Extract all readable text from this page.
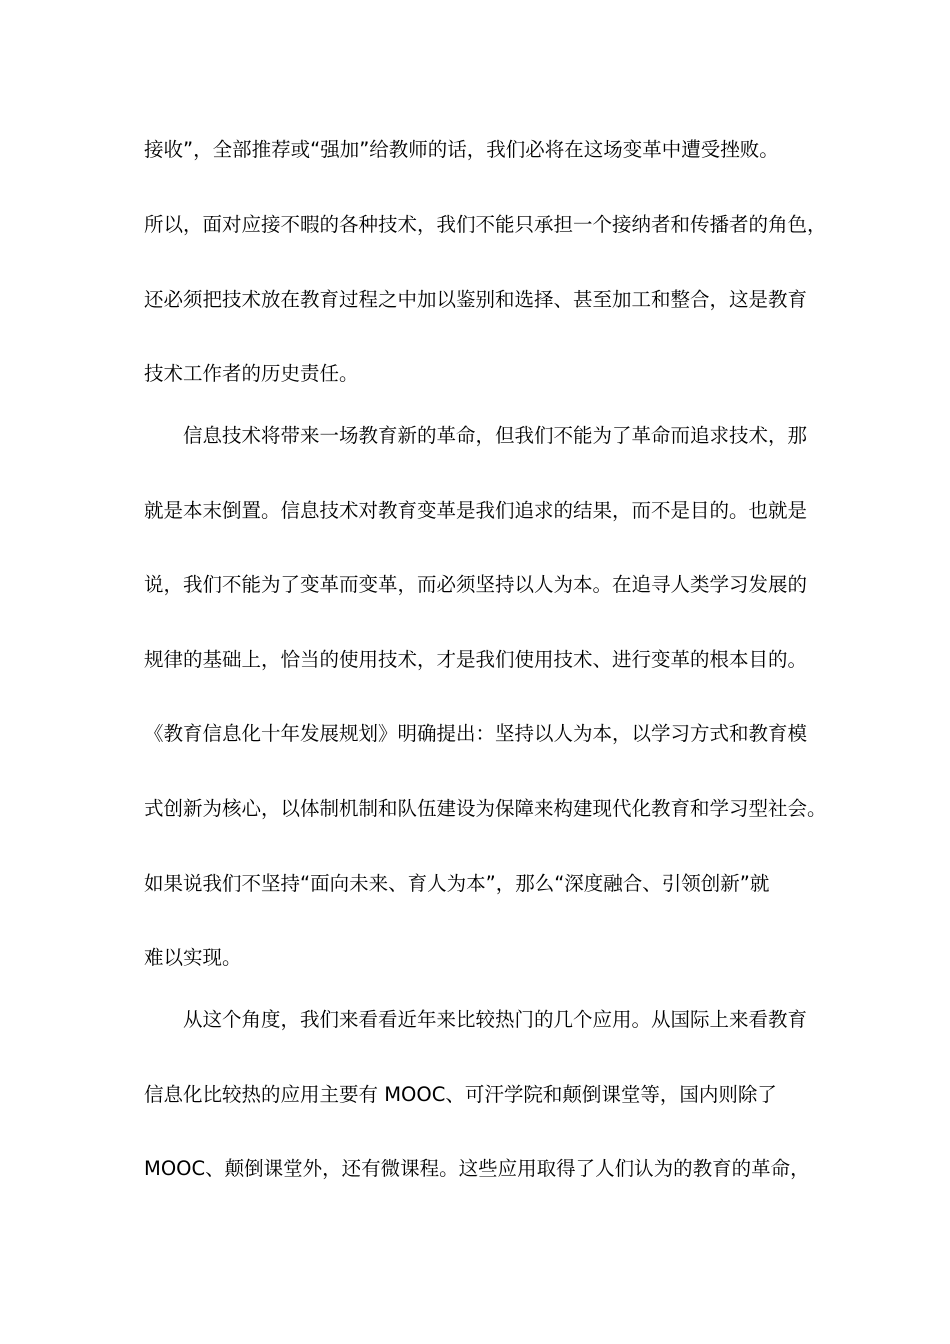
接收”，全部推荐或“强加”给教师的话，我们必将在这场变革中遭受挫败。
所以，面对应接不暇的各种技术，我们不能只承担一个接纳者和传播者的角色，
还必须把技术放在教育过程之中加以鉴别和选择、甚至加工和整合，这是教育
技术工作者的历史责任。
信息技术将带来一场教育新的革命，但我们不能为了革命而追求技术，那
就是本末倒置。信息技术对教育变革是我们追求的结果，而不是目的。也就是
说，我们不能为了变革而变革，而必须坚持以人为本。在追寻人类学习发展的
规律的基础上，恰当的使用技术，才是我们使用技术、进行变革的根本目的。
《教育信息化十年发展规划》明确提出：坚持以人为本，以学习方式和教育模
式创新为核心，以体制机制和队伍建设为保障来构建现代化教育和学习型社会。
如果说我们不坚持“面向未来、育人为本”，那么“深度融合、引领创新”就
难以实现。
从这个角度，我们来看看近年来比较热门的几个应用。从国际上来看教育
信息化比较热的应用主要有 MOOC、可汗学院和颠倒课堂等，国内则除了
MOOC、颠倒课堂外，还有微课程。这些应用取得了人们认为的教育的革命，
